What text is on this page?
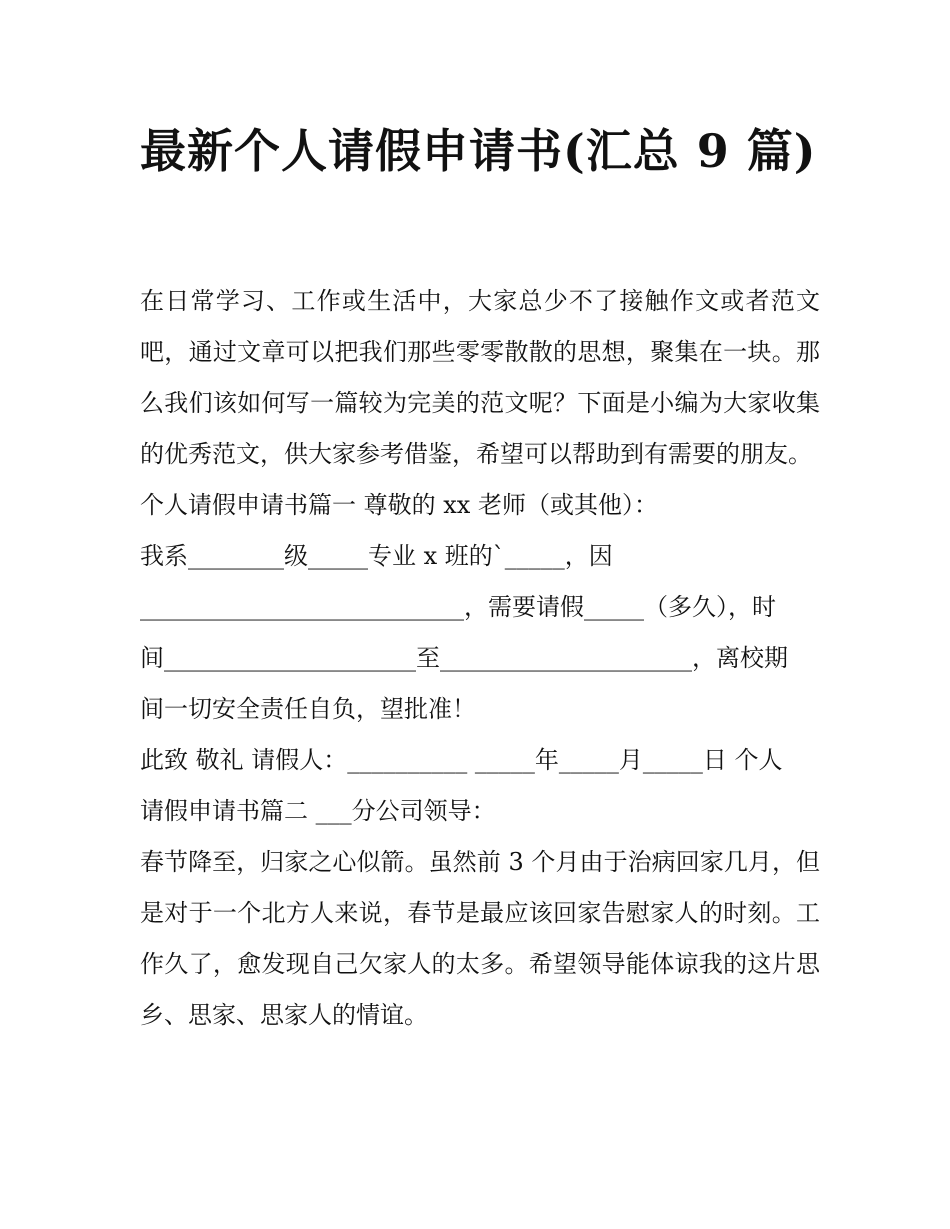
最新个人请假申请书(汇总 9 篇)

在日常学习、工作或生活中，大家总少不了接触作文或者范文吧，通过文章可以把我们那些零零散散的思想，聚集在一块。那么我们该如何写一篇较为完美的范文呢？下面是小编为大家收集的优秀范文，供大家参考借鉴，希望可以帮助到有需要的朋友。

个人请假申请书篇一 尊敬的 xx 老师（或其他）：
我系________级_____专业 x 班的`_____，因
___________________________，需要请假_____（多久），时
间_____________________至_____________________，离校期
间一切安全责任自负，望批准！
此致 敬礼 请假人：__________ _____年_____月_____日 个人
请假申请书篇二 ___分公司领导：

春节降至，归家之心似箭。虽然前 3 个月由于治病回家几月，但是对于一个北方人来说，春节是最应该回家告慰家人的时刻。工作久了，愈发现自己欠家人的太多。希望领导能体谅我的这片思乡、思家、思家人的情谊。
